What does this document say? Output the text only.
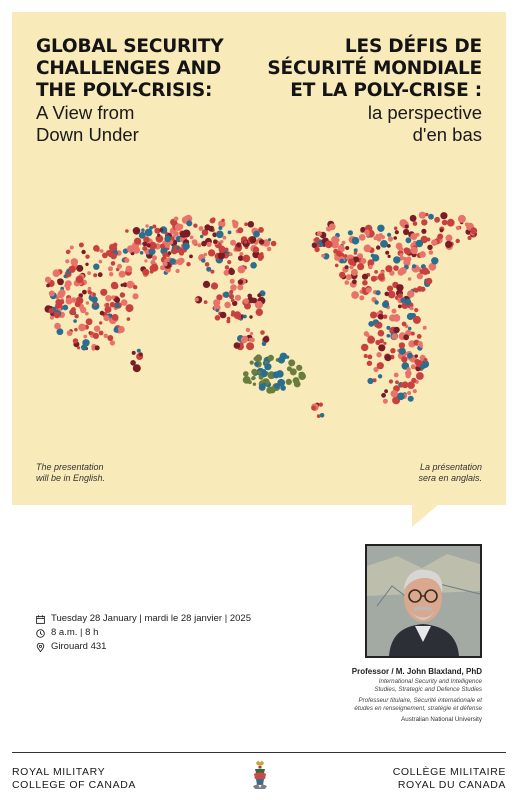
GLOBAL SECURITY
CHALLENGES AND
THE POLY-CRISIS:
A View from
Down Under
LES DÉFIS DE
SÉCURITÉ MONDIALE
ET LA POLY-CRISE :
la perspective
d'en bas
The presentation
will be in English.
La présentation
sera en anglais.
Tuesday 28 January | mardi le 28 janvier | 2025
8 a.m. | 8 h
Girouard 431
Professor / M. John Blaxland, PhD
International Security and Intelligence
Studies, Strategic and Defence Studies
Professeur titulaire, Sécurité internationale et
études en renseignement, stratégie et défense
Australian National University
ROYAL MILITARY
COLLEGE OF CANADA
COLLÈGE MILITAIRE
ROYAL DU CANADA
